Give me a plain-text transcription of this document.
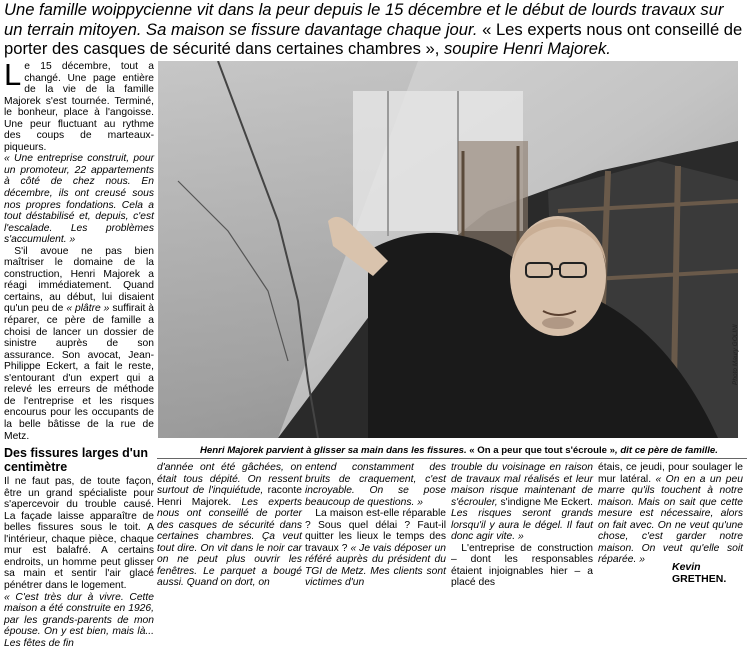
Une famille woippycienne vit dans la peur depuis le 15 décembre et le début de lourds travaux sur un terrain mitoyen. Sa maison se fissure davantage chaque jour. « Les experts nous ont conseillé de porter des casques de sécurité dans certaines chambres », soupire Henri Majorek.

L e 15 décembre, tout a changé. Une page entière de la vie de la famille Majorek s'est tournée. Terminé, le bonheur, place à l'angoisse. Une peur fluctuant au rythme des coups de marteaux-piqueurs.

« Une entreprise construit, pour un promoteur, 22 appartements à côté de chez nous. En décembre, ils ont creusé sous nos propres fondations. Cela a tout déstabilisé et, depuis, c'est l'escalade. Les problèmes s'accumulent. »

 S'il avoue ne pas bien maîtriser le domaine de la construction, Henri Majorek a réagi immédiatement. Quand certains, au début, lui disaient qu'un peu de « plâtre » suffirait à réparer, ce père de famille a choisi de lancer un dossier de sinistre auprès de son assurance. Son avocat, Jean-Philippe Eckert, a fait le reste, s'entourant d'un expert qui a relevé les erreurs de méthode de l'entreprise et les risques encourus pour les occupants de la belle bâtisse de la rue de Metz.

Des fissures larges d'un centimètre

Il ne faut pas, de toute façon, être un grand spécialiste pour s'apercevoir du trouble causé. La façade laisse apparaître de belles fissures sous le toit. A l'intérieur, chaque pièce, chaque mur est balafré. A certains endroits, un homme peut glisser sa main et sentir l'air glacé pénétrer dans le logement.

« C'est très dur à vivre. Cette maison a été construite en 1926, par les grands-parents de mon épouse. On y est bien, mais là... Les fêtes de fin

Photo Maury GOLINI
Henri Majorek parvient à glisser sa main dans les fissures. « On a peur que tout s'écroule », dit ce père de famille.

d'année ont été gâchées, on était tous dépité. On ressent surtout de l'inquiétude, raconte Henri Majorek. Les experts nous ont conseillé de porter des casques de sécurité dans certaines chambres. Ça veut tout dire. On vit dans le noir car on ne peut plus ouvrir les fenêtres. Le parquet a bougé aussi. Quand on dort, on

entend constamment des bruits de craquement, c'est incroyable. On se pose beaucoup de questions. »

 La maison est-elle réparable ? Sous quel délai ? Faut-il quitter les lieux le temps des travaux ? « Je vais déposer un référé auprès du président du TGI de Metz. Mes clients sont victimes d'un

trouble du voisinage en raison de travaux mal réalisés et leur maison risque maintenant de s'écrouler, s'indigne Me Eckert. Les risques seront grands lorsqu'il y aura le dégel. Il faut donc agir vite. »

 L'entreprise de construction – dont les responsables étaient injoignables hier – a placé des

étais, ce jeudi, pour soulager le mur latéral. « On en a un peu marre qu'ils touchent à notre maison. Mais on sait que cette mesure est nécessaire, alors on fait avec. On ne veut qu'une chose, c'est garder notre maison. On veut qu'elle soit réparée. »

Kevin GRETHEN.
